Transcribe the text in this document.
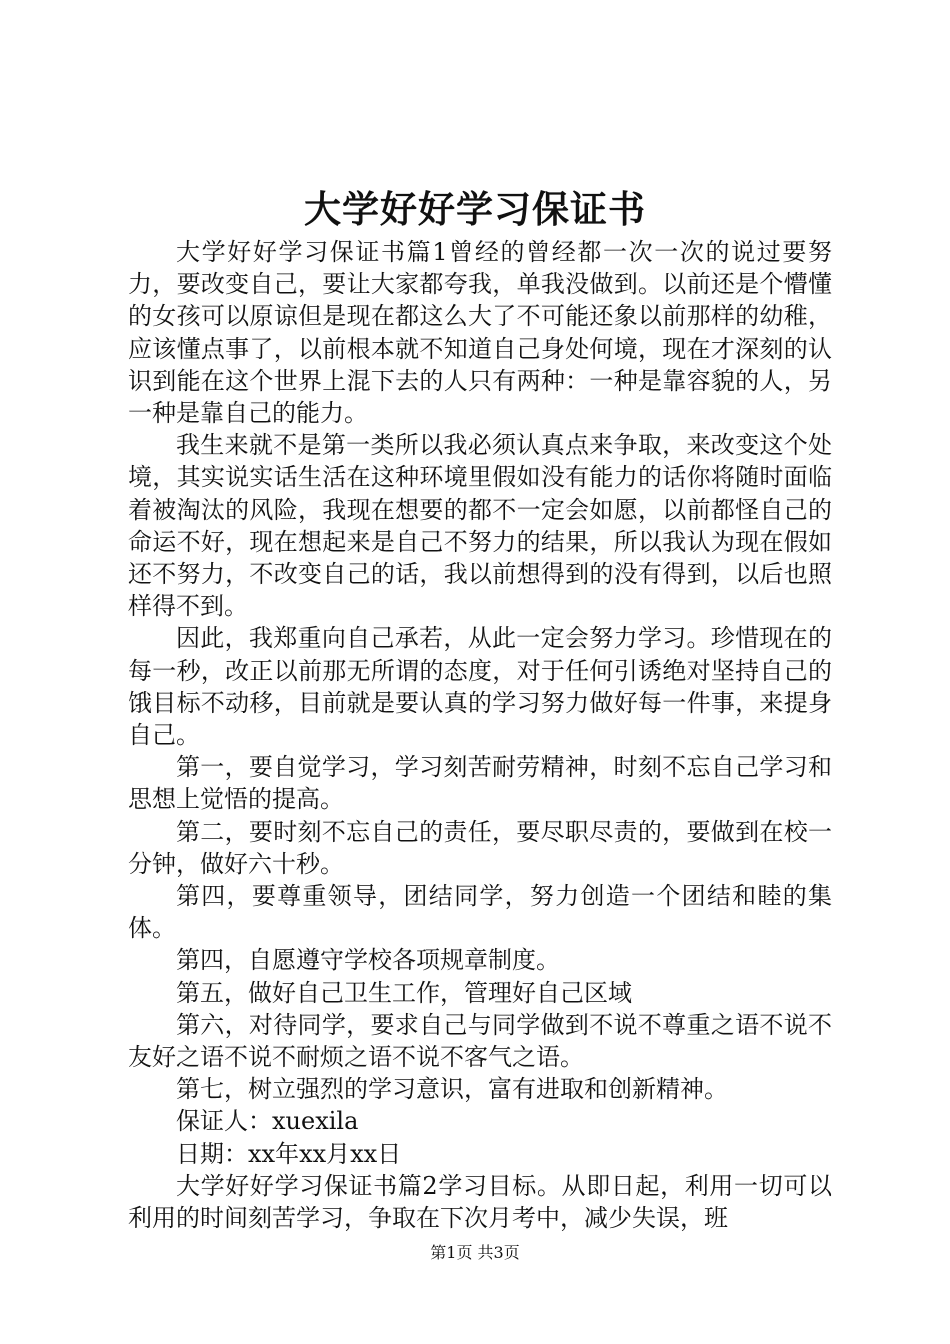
大学好好学习保证书

大学好好学习保证书篇1曾经的曾经都一次一次的说过要努力，要改变自己，要让大家都夸我，单我没做到。以前还是个懵懂的女孩可以原谅但是现在都这么大了不可能还象以前那样的幼稚，应该懂点事了，以前根本就不知道自己身处何境，现在才深刻的认识到能在这个世界上混下去的人只有两种：一种是靠容貌的人，另一种是靠自己的能力。

我生来就不是第一类所以我必须认真点来争取，来改变这个处境，其实说实话生活在这种环境里假如没有能力的话你将随时面临着被淘汰的风险，我现在想要的都不一定会如愿，以前都怪自己的命运不好，现在想起来是自己不努力的结果，所以我认为现在假如还不努力，不改变自己的话，我以前想得到的没有得到，以后也照样得不到。

因此，我郑重向自己承若，从此一定会努力学习。珍惜现在的每一秒，改正以前那无所谓的态度，对于任何引诱绝对坚持自己的饿目标不动移，目前就是要认真的学习努力做好每一件事，来提身自己。

第一，要自觉学习，学习刻苦耐劳精神，时刻不忘自己学习和思想上觉悟的提高。

第二，要时刻不忘自己的责任，要尽职尽责的，要做到在校一分钟，做好六十秒。

第四，要尊重领导，团结同学，努力创造一个团结和睦的集体。

第四，自愿遵守学校各项规章制度。

第五，做好自己卫生工作，管理好自己区域

第六，对待同学，要求自己与同学做到不说不尊重之语不说不友好之语不说不耐烦之语不说不客气之语。

第七，树立强烈的学习意识，富有进取和创新精神。

保证人：xuexila

日期：xx年xx月xx日

大学好好学习保证书篇2学习目标。从即日起，利用一切可以利用的时间刻苦学习，争取在下次月考中，减少失误，班

第1页 共3页
